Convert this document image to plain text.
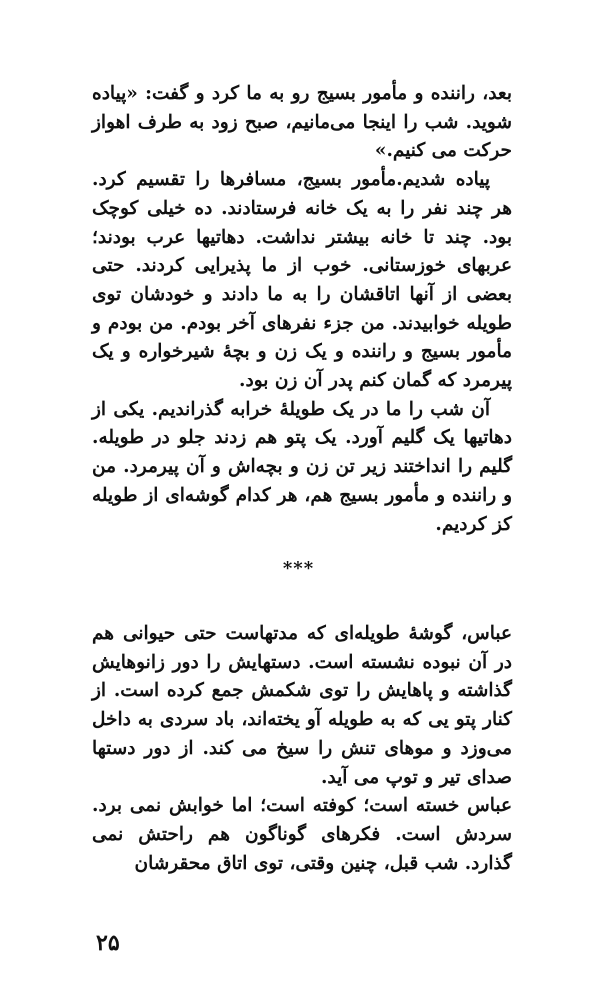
بعد، راننده و مأمور بسیج رو به ما کرد و گفت: «پیاده شوید. شب را اینجا می‌مانیم، صبح زود به طرف اهواز حرکت می کنیم.»

پیاده شدیم.مأمور بسیج، مسافرها را تقسیم کرد. هر چند نفر را به یک خانه فرستادند. ده خیلی کوچک بود. چند تا خانه بیشتر نداشت. دهاتیها عرب بودند؛ عربهای خوزستانی. خوب از ما پذیرایی کردند. حتی بعضی از آنها اتاقشان را به ما دادند و خودشان توی طویله خوابیدند. من جزء نفرهای آخر بودم. من بودم و مأمور بسیج و راننده و یک زن و بچهٔ شیرخواره و یک پیرمرد که گمان کنم پدر آن زن بود.

آن شب را ما در یک طویلهٔ خرابه گذراندیم. یکی از دهاتیها یک گلیم آورد. یک پتو هم زدند جلو در طویله. گلیم را انداختند زیر تن زن و بچه‌اش و آن پیرمرد. من و راننده و مأمور بسیج هم، هر کدام گوشه‌ای از طویله کز کردیم.

***

عباس، گوشهٔ طویله‌ای که مدتهاست حتی حیوانی هم در آن نبوده نشسته است. دستهایش را دور زانوهایش گذاشته و پاهایش را توی شکمش جمع کرده است. از کنار پتو یی که به طویله آو یخته‌اند، باد سردی به داخل می‌وزد و موهای تنش را سیخ می کند. از دور دستها صدای تیر و توپ می آید.

عباس خسته است؛ کوفته است؛ اما خوابش نمی برد. سردش است. فکرهای گوناگون هم راحتش نمی گذارد. شب قبل، چنین وقتی، توی اتاق محقرشان

۲۵
